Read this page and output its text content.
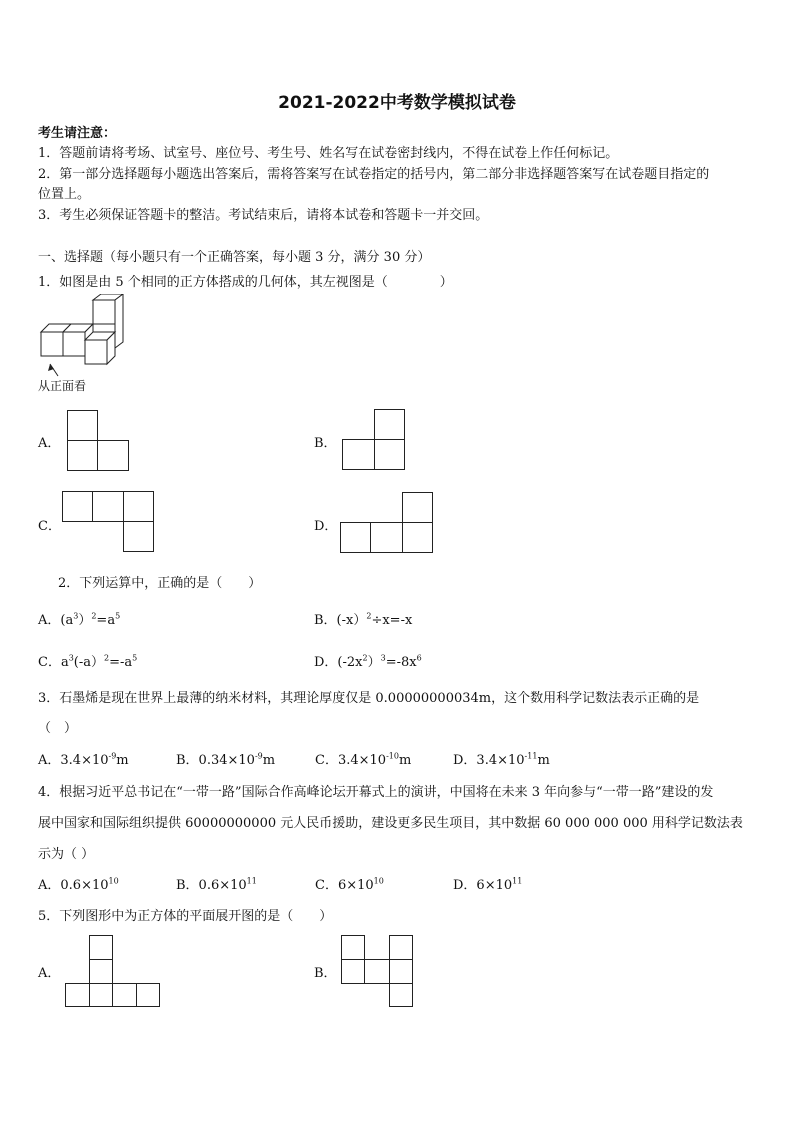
2021-2022中考数学模拟试卷
考生请注意：
1．答题前请将考场、试室号、座位号、考生号、姓名写在试卷密封线内，不得在试卷上作任何标记。
2．第一部分选择题每小题选出答案后，需将答案写在试卷指定的括号内，第二部分非选择题答案写在试卷题目指定的
位置上。
3．考生必须保证答题卡的整洁。考试结束后，请将本试卷和答题卡一并交回。
一、选择题（每小题只有一个正确答案，每小题 3 分，满分 30 分）
1．如图是由 5 个相同的正方体搭成的几何体，其左视图是（　　　　）
从正面看
A．	B．
C．	D．
2．下列运算中，正确的是（　　）
A．$(a^3)^2=a^5$	B．(-x）$^2$÷x=-x
C．$a^3(-a)^2=-a^5$	D．$(-2x^2)^3=-8x^6$
3．石墨烯是现在世界上最薄的纳米材料，其理论厚度仅是 0.00000000034m，这个数用科学记数法表示正确的是
（　）
A．$3.4\times 10^{-9}m$	B．$0.34\times 10^{-9}m$	C．$3.4\times 10^{-10}m$	D．$3.4\times 10^{-11}m$
4．根据习近平总书记在“一带一路”国际合作高峰论坛开幕式上的演讲，中国将在未来 3 年向参与“一带一路”建设的发
展中国家和国际组织提供 60000000000 元人民币援助，建设更多民生项目，其中数据 60 000 000 000 用科学记数法表
示为（ ）
A．$0.6\times 10^{10}$	B．$0.6\times 10^{11}$	C．$6\times 10^{10}$	D．$6\times 10^{11}$
5．下列图形中为正方体的平面展开图的是（　　）
A．	B．
